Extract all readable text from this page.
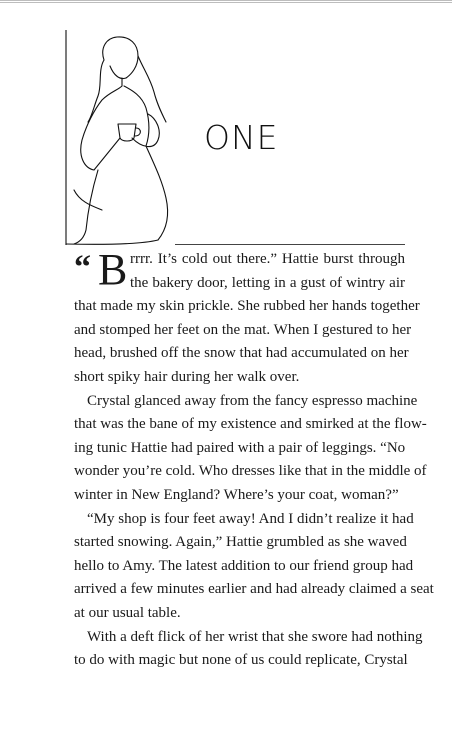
ONE
“ B rrrr. It’s cold out there.” Hattie burst through
the bakery door, letting in a gust of wintry air
that made my skin prickle. She rubbed her hands together
and stomped her feet on the mat. When I gestured to her
head, brushed off the snow that had accumulated on her
short spiky hair during her walk over.
Crystal glanced away from the fancy espresso machine
that was the bane of my existence and smirked at the flow-
ing tunic Hattie had paired with a pair of leggings. “No
wonder you’re cold. Who dresses like that in the middle of
winter in New England? Where’s your coat, woman?”
“My shop is four feet away! And I didn’t realize it had
started snowing. Again,” Hattie grumbled as she waved
hello to Amy. The latest addition to our friend group had
arrived a few minutes earlier and had already claimed a seat
at our usual table.
With a deft flick of her wrist that she swore had nothing
to do with magic but none of us could replicate, Crystal
